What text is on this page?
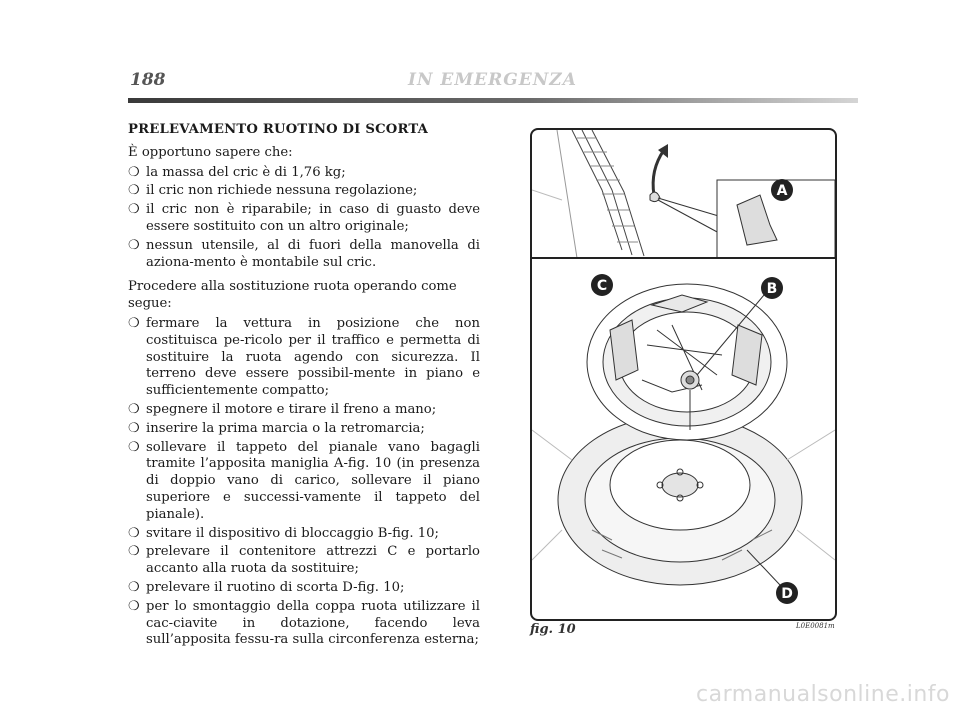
188	IN EMERGENZA
PRELEVAMENTO RUOTINO DI SCORTA
È opportuno sapere che:
❍ la massa del cric è di 1,76 kg;
❍ il cric non richiede nessuna regolazione;
❍ il cric non è riparabile; in caso di guasto deve essere sostituito con un altro originale;
❍ nessun utensile, al di fuori della manovella di aziona-mento è montabile sul cric.
Procedere alla sostituzione ruota operando come segue:
❍ fermare la vettura in posizione che non costituisca pe-ricolo per il traffico e permetta di sostituire la ruota agendo con sicurezza. Il terreno deve essere possibil-mente in piano e sufficientemente compatto;
❍ spegnere il motore e tirare il freno a mano;
❍ inserire la prima marcia o la retromarcia;
❍ sollevare il tappeto del pianale vano bagagli tramite l’apposita maniglia A-fig. 10 (in presenza di doppio vano di carico, sollevare il piano superiore e successi-vamente il tappeto del pianale).
❍ svitare il dispositivo di bloccaggio B-fig. 10;
❍ prelevare il contenitore attrezzi C e portarlo accanto alla ruota da sostituire;
❍ prelevare il ruotino di scorta D-fig. 10;
❍ per lo smontaggio della coppa ruota utilizzare il cac-ciavite in dotazione, facendo leva sull’apposita fessu-ra sulla circonferenza esterna;
A
C	B
D
fig. 10	L0E0081m
carmanualsonline.info
